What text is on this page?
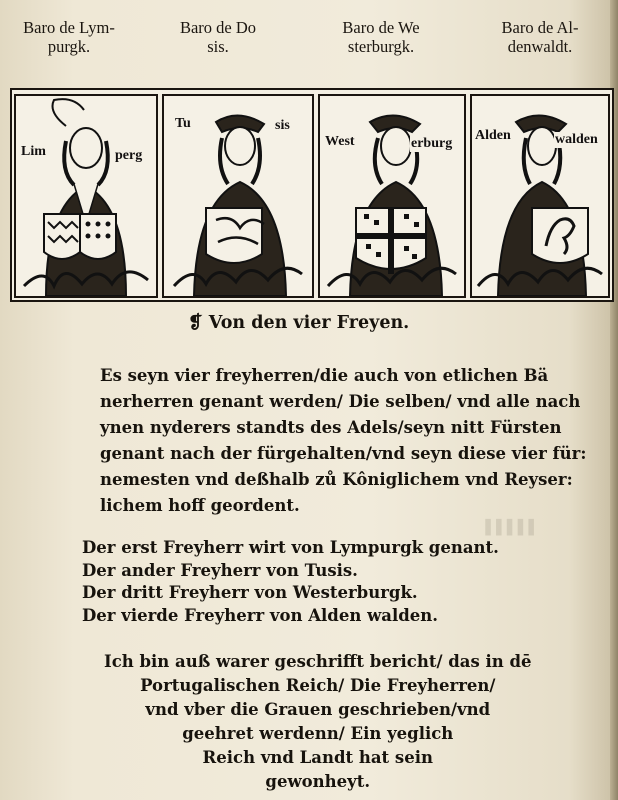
Baro de Lym-
purgk.
Baro de Do
sis.
Baro de We
sterburgk.
Baro de Al-
denwaldt.
Lim	perg
Tu	sis
West	erburg
Alden	walden
▌▌▌▌▌
❡ Von den vier Freyen.
Es seyn vier freyherren/die auch von etlichen Bä
nerherren genant werden/ Die selben/ vnd alle nach
ynen nyderers standts des Adels/seyn nitt Fürsten
genant nach der fürgehalten/vnd seyn diese vier für:
nemesten vnd deßhalb zů Kôniglichem vnd Reyser:
lichem hoff geordent.
Der erst Freyherr wirt von Lympurgk genant.
Der ander Freyherr von Tusis.
Der dritt Freyherr von Westerburgk.
Der vierde Freyherr von Alden walden.
Ich bin auß warer geschrifft bericht/ das in dē
Portugalischen Reich/ Die Freyherren/
vnd vber die Grauen geschrieben/vnd
geehret werdenn/ Ein yeglich
Reich vnd Landt hat sein
gewonheyt.
